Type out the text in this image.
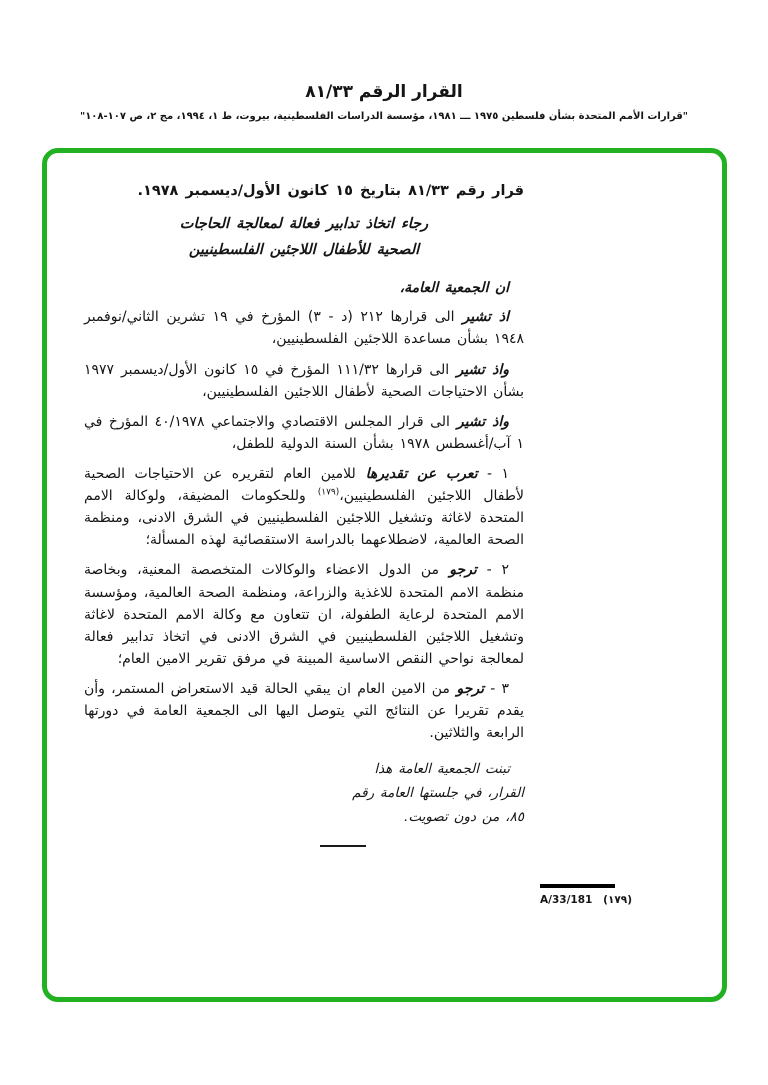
القرار الرقم ٨١/٣٣
"قرارات الأمم المتحدة بشأن فلسطين ١٩٧٥ ـــ ١٩٨١، مؤسسة الدراسات الفلسطينية، بيروت، ط ١، ١٩٩٤، مج ٢، ص ١٠٧-١٠٨"

قرار رقم ٨١/٣٣ بتاريخ ١٥ كانون الأول/ديسمبر ١٩٧٨.

رجاء اتخاذ تدابير فعالة لمعالجة الحاجات
الصحية للأطفال اللاجئين الفلسطينيين

ان الجمعية العامة،

اذ تشير الى قرارها ٢١٢ (د - ٣) المؤرخ في ١٩ تشرين الثاني/نوفمبر ١٩٤٨ بشأن مساعدة اللاجئين الفلسطينيين،

واذ تشير الى قرارها ١١١/٣٢ المؤرخ في ١٥ كانون الأول/ديسمبر ١٩٧٧ بشأن الاحتياجات الصحية لأطفال اللاجئين الفلسطينيين،

واذ تشير الى قرار المجلس الاقتصادي والاجتماعي ٤٠/١٩٧٨ المؤرخ في ١ آب/أغسطس ١٩٧٨ بشأن السنة الدولية للطفل،

١ - تعرب عن تقديرها للامين العام لتقريره عن الاحتياجات الصحية لأطفال اللاجئين الفلسطينيين،$^{(١٧٩)}$ وللحكومات المضيفة، ولوكالة الامم المتحدة لاغاثة وتشغيل اللاجئين الفلسطينيين في الشرق الادنى، ومنظمة الصحة العالمية، لاضطلاعهما بالدراسة الاستقصائية لهذه المسألة؛

٢ - ترجو من الدول الاعضاء والوكالات المتخصصة المعنية، وبخاصة منظمة الامم المتحدة للاغذية والزراعة، ومنظمة الصحة العالمية، ومؤسسة الامم المتحدة لرعاية الطفولة، ان تتعاون مع وكالة الامم المتحدة لاغاثة وتشغيل اللاجئين الفلسطينيين في الشرق الادنى في اتخاذ تدابير فعالة لمعالجة نواحي النقص الاساسية المبينة في مرفق تقرير الامين العام؛

٣ - ترجو من الامين العام ان يبقي الحالة قيد الاستعراض المستمر، وأن يقدم تقريرا عن النتائج التي يتوصل اليها الى الجمعية العامة في دورتها الرابعة والثلاثين.

تبنت الجمعية العامة هذا القرار، في جلستها العامة رقم ٨٥، من دون تصويت.

(١٧٩)
A/33/181
